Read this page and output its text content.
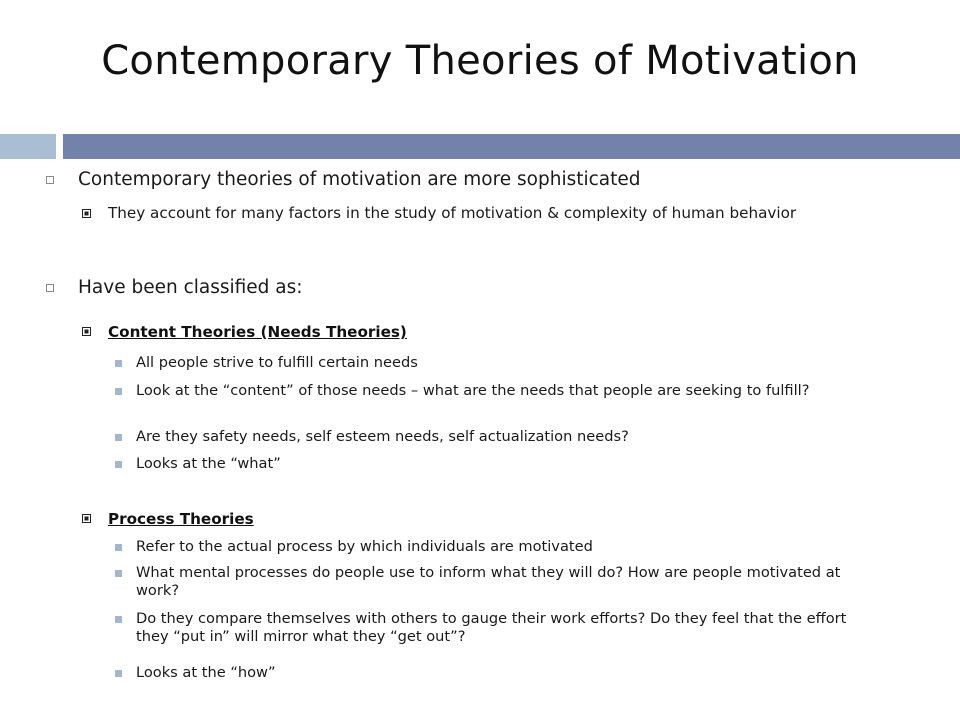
Contemporary Theories of Motivation
Contemporary theories of motivation are more sophisticated
They account for many factors in the study of motivation & complexity of human behavior
Have been classified as:
Content Theories (Needs Theories)
All people strive to fulfill certain needs
Look at the “content” of those needs – what are the needs that people are seeking to fulfill?
Are they safety needs, self esteem needs, self actualization needs?
Looks at the “what”
Process Theories
Refer to the actual process by which individuals are motivated
What mental processes do people use to inform what they will do? How are people motivated at work?
Do they compare themselves with others to gauge their work efforts? Do they feel that the effort they “put in” will mirror what they “get out”?
Looks at the “how”
